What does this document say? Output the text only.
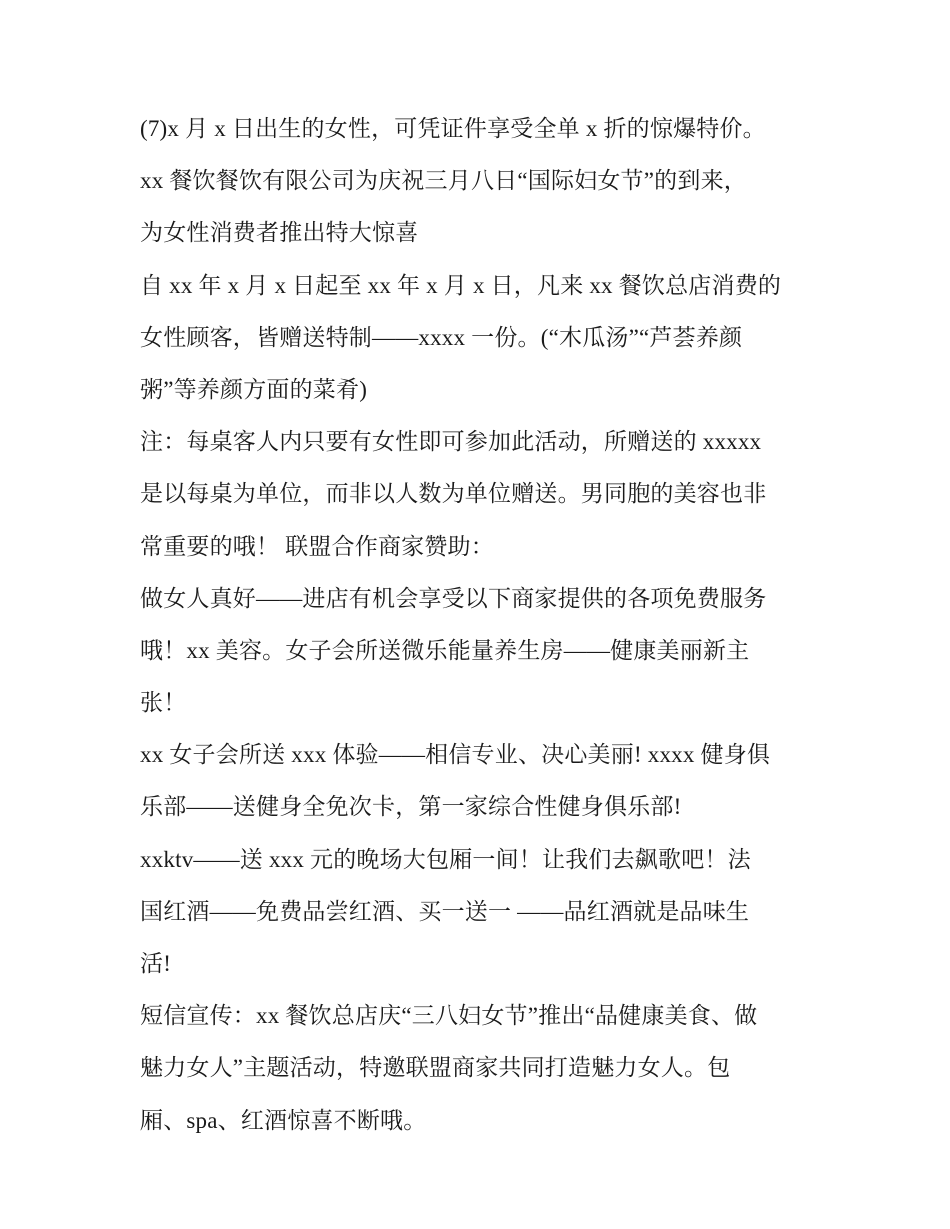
(7)x 月 x 日出生的女性，可凭证件享受全单 x 折的惊爆特价。
xx 餐饮餐饮有限公司为庆祝三月八日“国际妇女节”的到来，
为女性消费者推出特大惊喜
自 xx 年 x 月 x 日起至 xx 年 x 月 x 日，凡来 xx 餐饮总店消费的
女性顾客，皆赠送特制——xxxx 一份。(“木瓜汤”“芦荟养颜
粥”等养颜方面的菜肴)
注：每桌客人内只要有女性即可参加此活动，所赠送的 xxxxx
是以每桌为单位，而非以人数为单位赠送。男同胞的美容也非
常重要的哦！ 联盟合作商家赞助：
做女人真好——进店有机会享受以下商家提供的各项免费服务
哦！xx 美容。女子会所送微乐能量养生房——健康美丽新主
张！
xx 女子会所送 xxx 体验——相信专业、决心美丽! xxxx 健身俱
乐部——送健身全免次卡，第一家综合性健身俱乐部!
xxktv——送 xxx 元的晚场大包厢一间！让我们去飙歌吧！法
国红酒——免费品尝红酒、买一送一 ——品红酒就是品味生
活!
短信宣传：xx 餐饮总店庆“三八妇女节”推出“品健康美食、做
魅力女人”主题活动，特邀联盟商家共同打造魅力女人。包
厢、spa、红酒惊喜不断哦。
